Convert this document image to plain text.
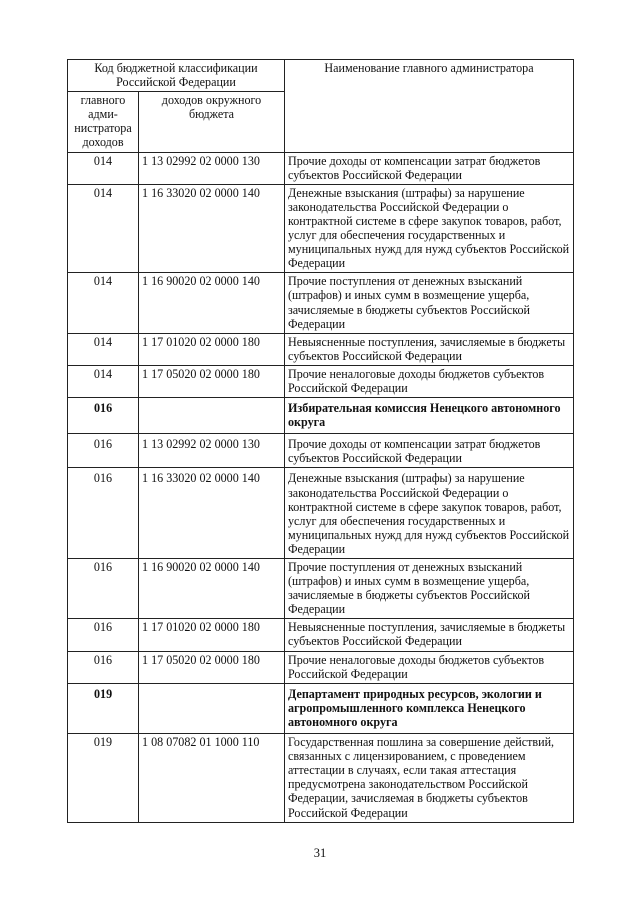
Код бюджетной классификации Российской Федерации		Наименование главного администратора
главного адми-нистратора доходов	доходов окружного бюджета	
014	1 13 02992 02 0000 130	Прочие доходы от компенсации затрат бюджетов субъектов Российской Федерации
014	1 16 33020 02 0000 140	Денежные взыскания (штрафы) за нарушение законодательства Российской Федерации о контрактной системе в сфере закупок товаров, работ, услуг для обеспечения государственных и муниципальных нужд для нужд субъектов Российской Федерации
014	1 16 90020 02 0000 140	Прочие поступления от денежных взысканий (штрафов) и иных сумм в возмещение ущерба, зачисляемые в бюджеты субъектов Российской Федерации
014	1 17 01020 02 0000 180	Невыясненные поступления, зачисляемые в бюджеты субъектов Российской Федерации
014	1 17 05020 02 0000 180	Прочие неналоговые доходы бюджетов субъектов Российской Федерации
016		Избирательная комиссия Ненецкого автономного округа
016	1 13 02992 02 0000 130	Прочие доходы от компенсации затрат бюджетов субъектов Российской Федерации
016	1 16 33020 02 0000 140	Денежные взыскания (штрафы) за нарушение законодательства Российской Федерации о контрактной системе в сфере закупок товаров, работ, услуг для обеспечения государственных и муниципальных нужд для нужд субъектов Российской Федерации
016	1 16 90020 02 0000 140	Прочие поступления от денежных взысканий (штрафов) и иных сумм в возмещение ущерба, зачисляемые в бюджеты субъектов Российской Федерации
016	1 17 01020 02 0000 180	Невыясненные поступления, зачисляемые в бюджеты субъектов Российской Федерации
016	1 17 05020 02 0000 180	Прочие неналоговые доходы бюджетов субъектов Российской Федерации
019		Департамент природных ресурсов, экологии и агропромышленного комплекса Ненецкого автономного округа
019	1 08 07082 01 1000 110	Государственная пошлина за совершение действий, связанных с лицензированием, с проведением аттестации в случаях, если такая аттестация предусмотрена законодательством Российской Федерации, зачисляемая в бюджеты субъектов Российской Федерации
31
